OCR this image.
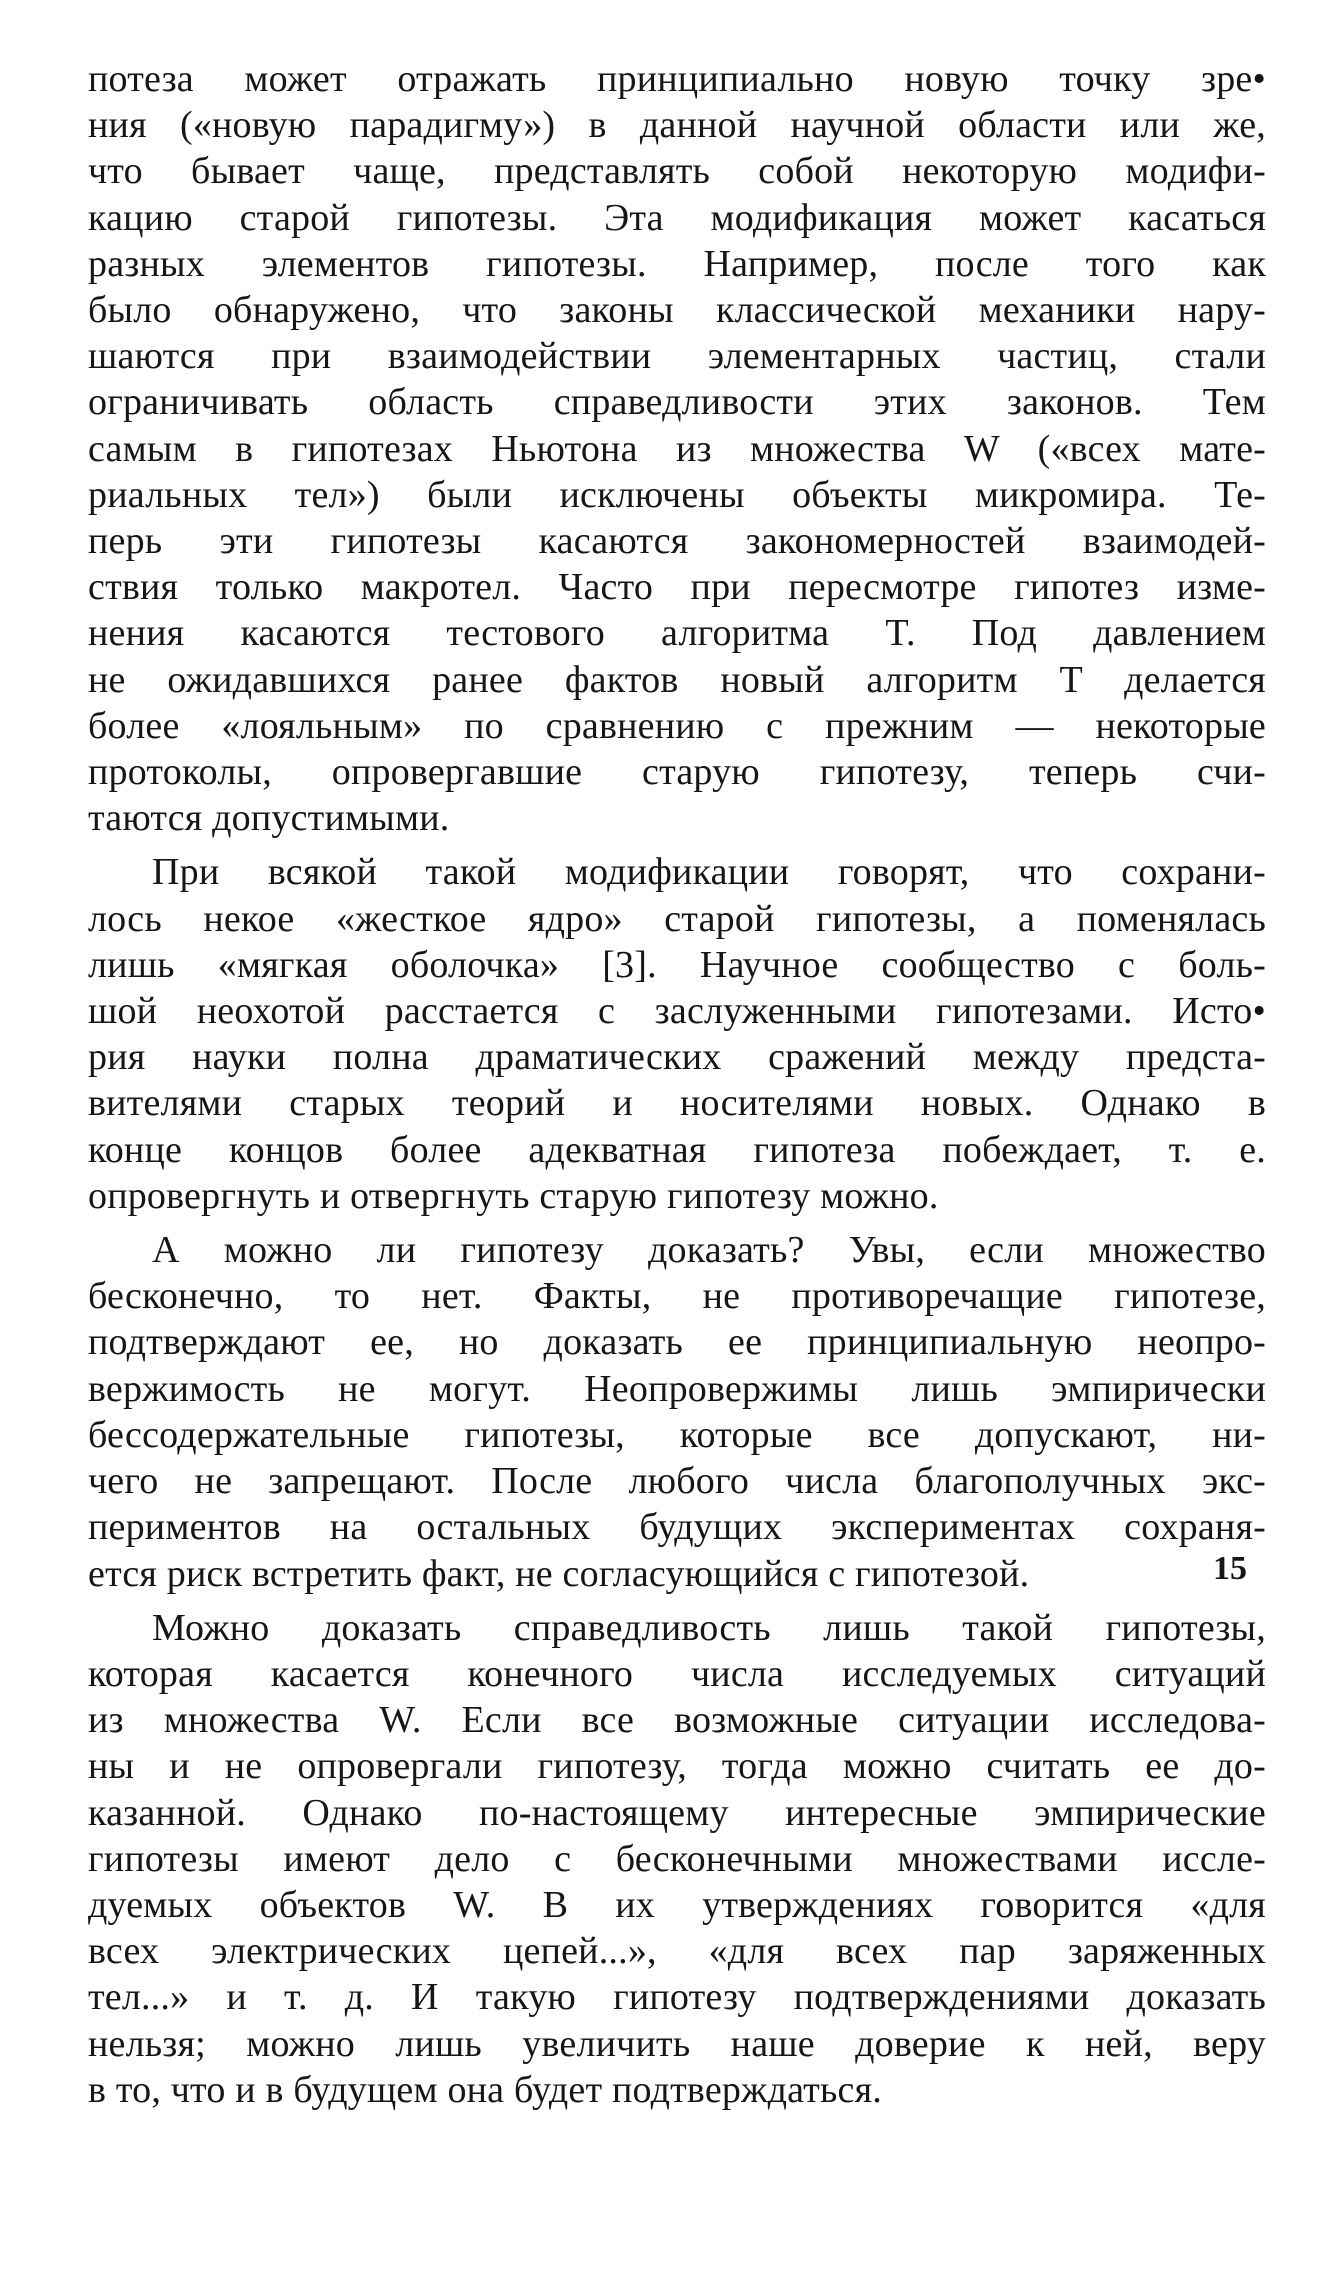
потеза может отражать принципиально новую точку зре•
ния («новую парадигму») в данной научной области или же,
что бывает чаще, представлять собой некоторую модифи-
кацию старой гипотезы. Эта модификация может касаться
разных элементов гипотезы. Например, после того как
было обнаружено, что законы классической механики нару-
шаются при взаимодействии элементарных частиц, стали
ограничивать область справедливости этих законов. Тем
самым в гипотезах Ньютона из множества W («всех мате-
риальных тел») были исключены объекты микромира. Те-
перь эти гипотезы касаются закономерностей взаимодей-
ствия только макротел. Часто при пересмотре гипотез изме-
нения касаются тестового алгоритма T. Под давлением
не ожидавшихся ранее фактов новый алгоритм T делается
более «лояльным» по сравнению с прежним — некоторые
протоколы, опровергавшие старую гипотезу, теперь счи-
таются допустимыми.

При всякой такой модификации говорят, что сохрани-
лось некое «жесткое ядро» старой гипотезы, а поменялась
лишь «мягкая оболочка» [3]. Научное сообщество с боль-
шой неохотой расстается с заслуженными гипотезами. Исто•
рия науки полна драматических сражений между предста-
вителями старых теорий и носителями новых. Однако в
конце концов более адекватная гипотеза побеждает, т. е.
опровергнуть и отвергнуть старую гипотезу можно.

А можно ли гипотезу доказать? Увы, если множество
бесконечно, то нет. Факты, не противоречащие гипотезе,
подтверждают ее, но доказать ее принципиальную неопро-
вержимость не могут. Неопровержимы лишь эмпирически
бессодержательные гипотезы, которые все допускают, ни-
чего не запрещают. После любого числа благополучных экс-
периментов на остальных будущих экспериментах сохраня-
ется риск встретить факт, не согласующийся с гипотезой.

Можно доказать справедливость лишь такой гипотезы,
которая касается конечного числа исследуемых ситуаций
из множества W. Если все возможные ситуации исследова-
ны и не опровергали гипотезу, тогда можно считать ее до-
казанной. Однако по-настоящему интересные эмпирические
гипотезы имеют дело с бесконечными множествами иссле-
дуемых объектов W. В их утверждениях говорится «для
всех электрических цепей...», «для всех пар заряженных
тел...» и т. д. И такую гипотезу подтверждениями доказать
нельзя; можно лишь увеличить наше доверие к ней, веру
в то, что и в будущем она будет подтверждаться.

15
